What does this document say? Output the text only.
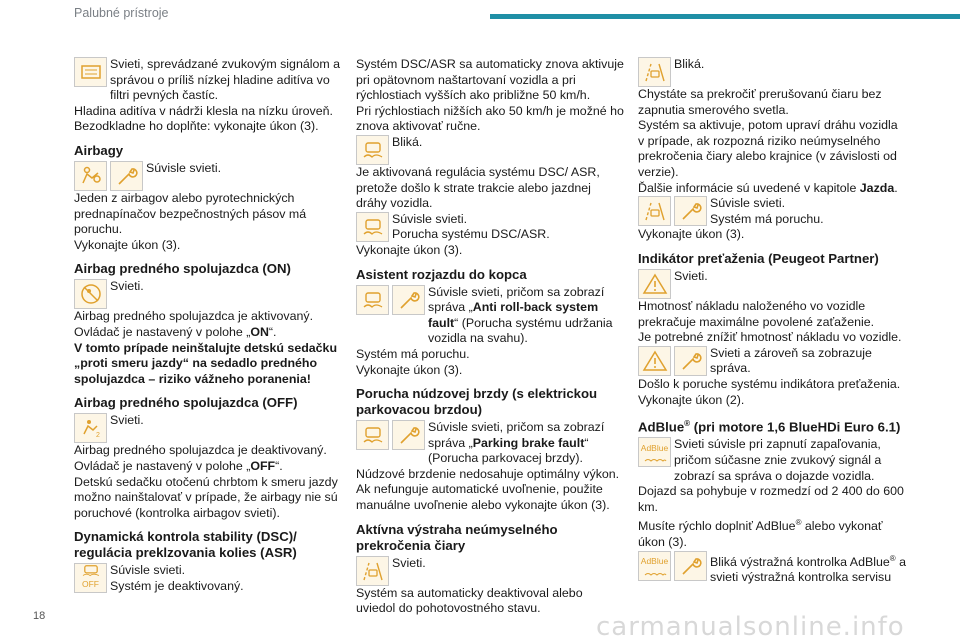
Palubné prístroje
Svieti, sprevádzané zvukovým signálom a správou o príliš nízkej hladine aditíva vo filtri pevných častíc.

Hladina aditíva v nádrži klesla na nízku úroveň.

Bezodkladne ho doplňte: vykonajte úkon (3).

Airbagy
Súvisle svieti.

Jeden z airbagov alebo pyrotechnických prednapínačov bezpečnostných pásov má poruchu.

Vykonajte úkon (3).

Airbag predného spolujazdca (ON)
Svieti.

Airbag predného spolujazdca je aktivovaný.

Ovládač je nastavený v polohe „ON“.

V tomto prípade neinštalujte detskú sedačku „proti smeru jazdy“ na sedadlo predného spolujazdca – riziko vážneho poranenia!

Airbag predného spolujazdca (OFF)
2
Svieti.

Airbag predného spolujazdca je deaktivovaný.

Ovládač je nastavený v polohe „OFF“.

Detskú sedačku otočenú chrbtom k smeru jazdy možno nainštalovať v prípade, že airbagy nie sú poruchové (kontrolka airbagov svieti).

Dynamická kontrola stability (DSC)/ regulácia preklzovania kolies (ASR)
OFF
Súvisle svieti.
Systém je deaktivovaný.

Systém DSC/ASR sa automaticky znova aktivuje pri opätovnom naštartovaní vozidla a pri rýchlostiach vyšších ako približne 50 km/h.

Pri rýchlostiach nižších ako 50 km/h je možné ho znova aktivovať ručne.

Bliká.

Je aktivovaná regulácia systému DSC/ ASR, pretože došlo k strate trakcie alebo jazdnej dráhy vozidla.

Súvisle svieti.
Porucha systému DSC/ASR.

Vykonajte úkon (3).

Asistent rozjazdu do kopca
Súvisle svieti, pričom sa zobrazí správa „Anti roll-back system fault“ (Porucha systému udržania vozidla na svahu).

Systém má poruchu.

Vykonajte úkon (3).

Porucha núdzovej brzdy (s elektrickou parkovacou brzdou)
Súvisle svieti, pričom sa zobrazí správa „Parking brake fault“ (Porucha parkovacej brzdy).

Núdzové brzdenie nedosahuje optimálny výkon.

Ak nefunguje automatické uvoľnenie, použite manuálne uvoľnenie alebo vykonajte úkon (3).

Aktívna výstraha neúmyselného prekročenia čiary
Svieti.

Systém sa automaticky deaktivoval alebo uviedol do pohotovostného stavu.

Bliká.

Chystáte sa prekročiť prerušovanú čiaru bez zapnutia smerového svetla.

Systém sa aktivuje, potom upraví dráhu vozidla v prípade, ak rozpozná riziko neúmyselného prekročenia čiary alebo krajnice (v závislosti od verzie).

Ďalšie informácie sú uvedené v kapitole Jazda.

Súvisle svieti.
Systém má poruchu.

Vykonajte úkon (3).

Indikátor preťaženia (Peugeot Partner)
Svieti.

Hmotnosť nákladu naloženého vo vozidle prekračuje maximálne povolené zaťaženie.

Je potrebné znížiť hmotnosť nákladu vo vozidle.

Svieti a zároveň sa zobrazuje správa.

Došlo k poruche systému indikátora preťaženia.

Vykonajte úkon (2).

AdBlue® (pri motore 1,6 BlueHDi Euro 6.1)
AdBlue Svieti súvisle pri zapnutí zapaľovania, pričom súčasne znie zvukový signál a zobrazí sa správa o dojazde vozidla.

Dojazd sa pohybuje v rozmedzí od 2 400 do 600 km.

Musíte rýchlo doplniť AdBlue® alebo vykonať úkon (3).

AdBlue	Bliká výstražná kontrolka AdBlue® a svieti výstražná kontrolka servisu
18	carmanualsonline.info
